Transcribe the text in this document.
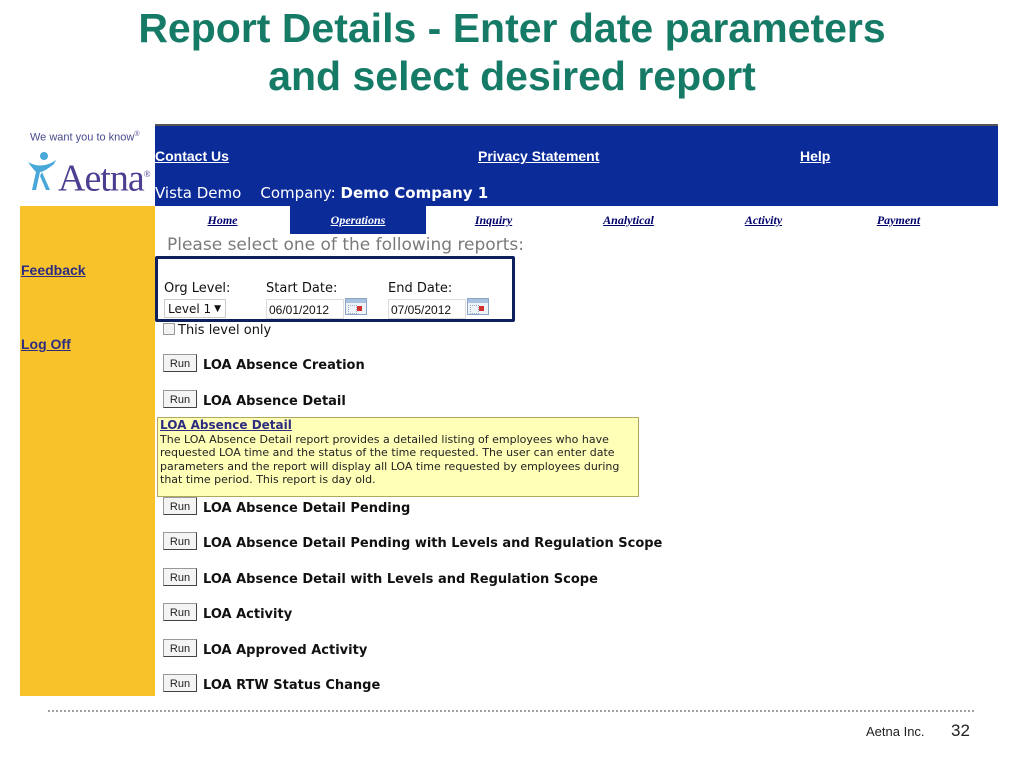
Report Details - Enter date parameters
and select desired report
We want you to know®
Aetna®
Contact Us	Privacy Statement	Help
Vista Demo Company: Demo Company 1
Feedback
Log Off
Home	Operations	Inquiry	Analytical	Activity	Payment
Please select one of the following reports:
Org Level:	Start Date:	End Date:
Level 1 ▼	06/01/2012	07/05/2012
This level only
Run LOA Absence Creation
Run LOA Absence Detail
LOA Absence Detail
The LOA Absence Detail report provides a detailed listing of employees who have requested LOA time and the status of the time requested. The user can enter date parameters and the report will display all LOA time requested by employees during that time period. This report is day old.
Run LOA Absence Detail Pending
Run LOA Absence Detail Pending with Levels and Regulation Scope
Run LOA Absence Detail with Levels and Regulation Scope
Run LOA Activity
Run LOA Approved Activity
Run LOA RTW Status Change
Aetna Inc. 32
